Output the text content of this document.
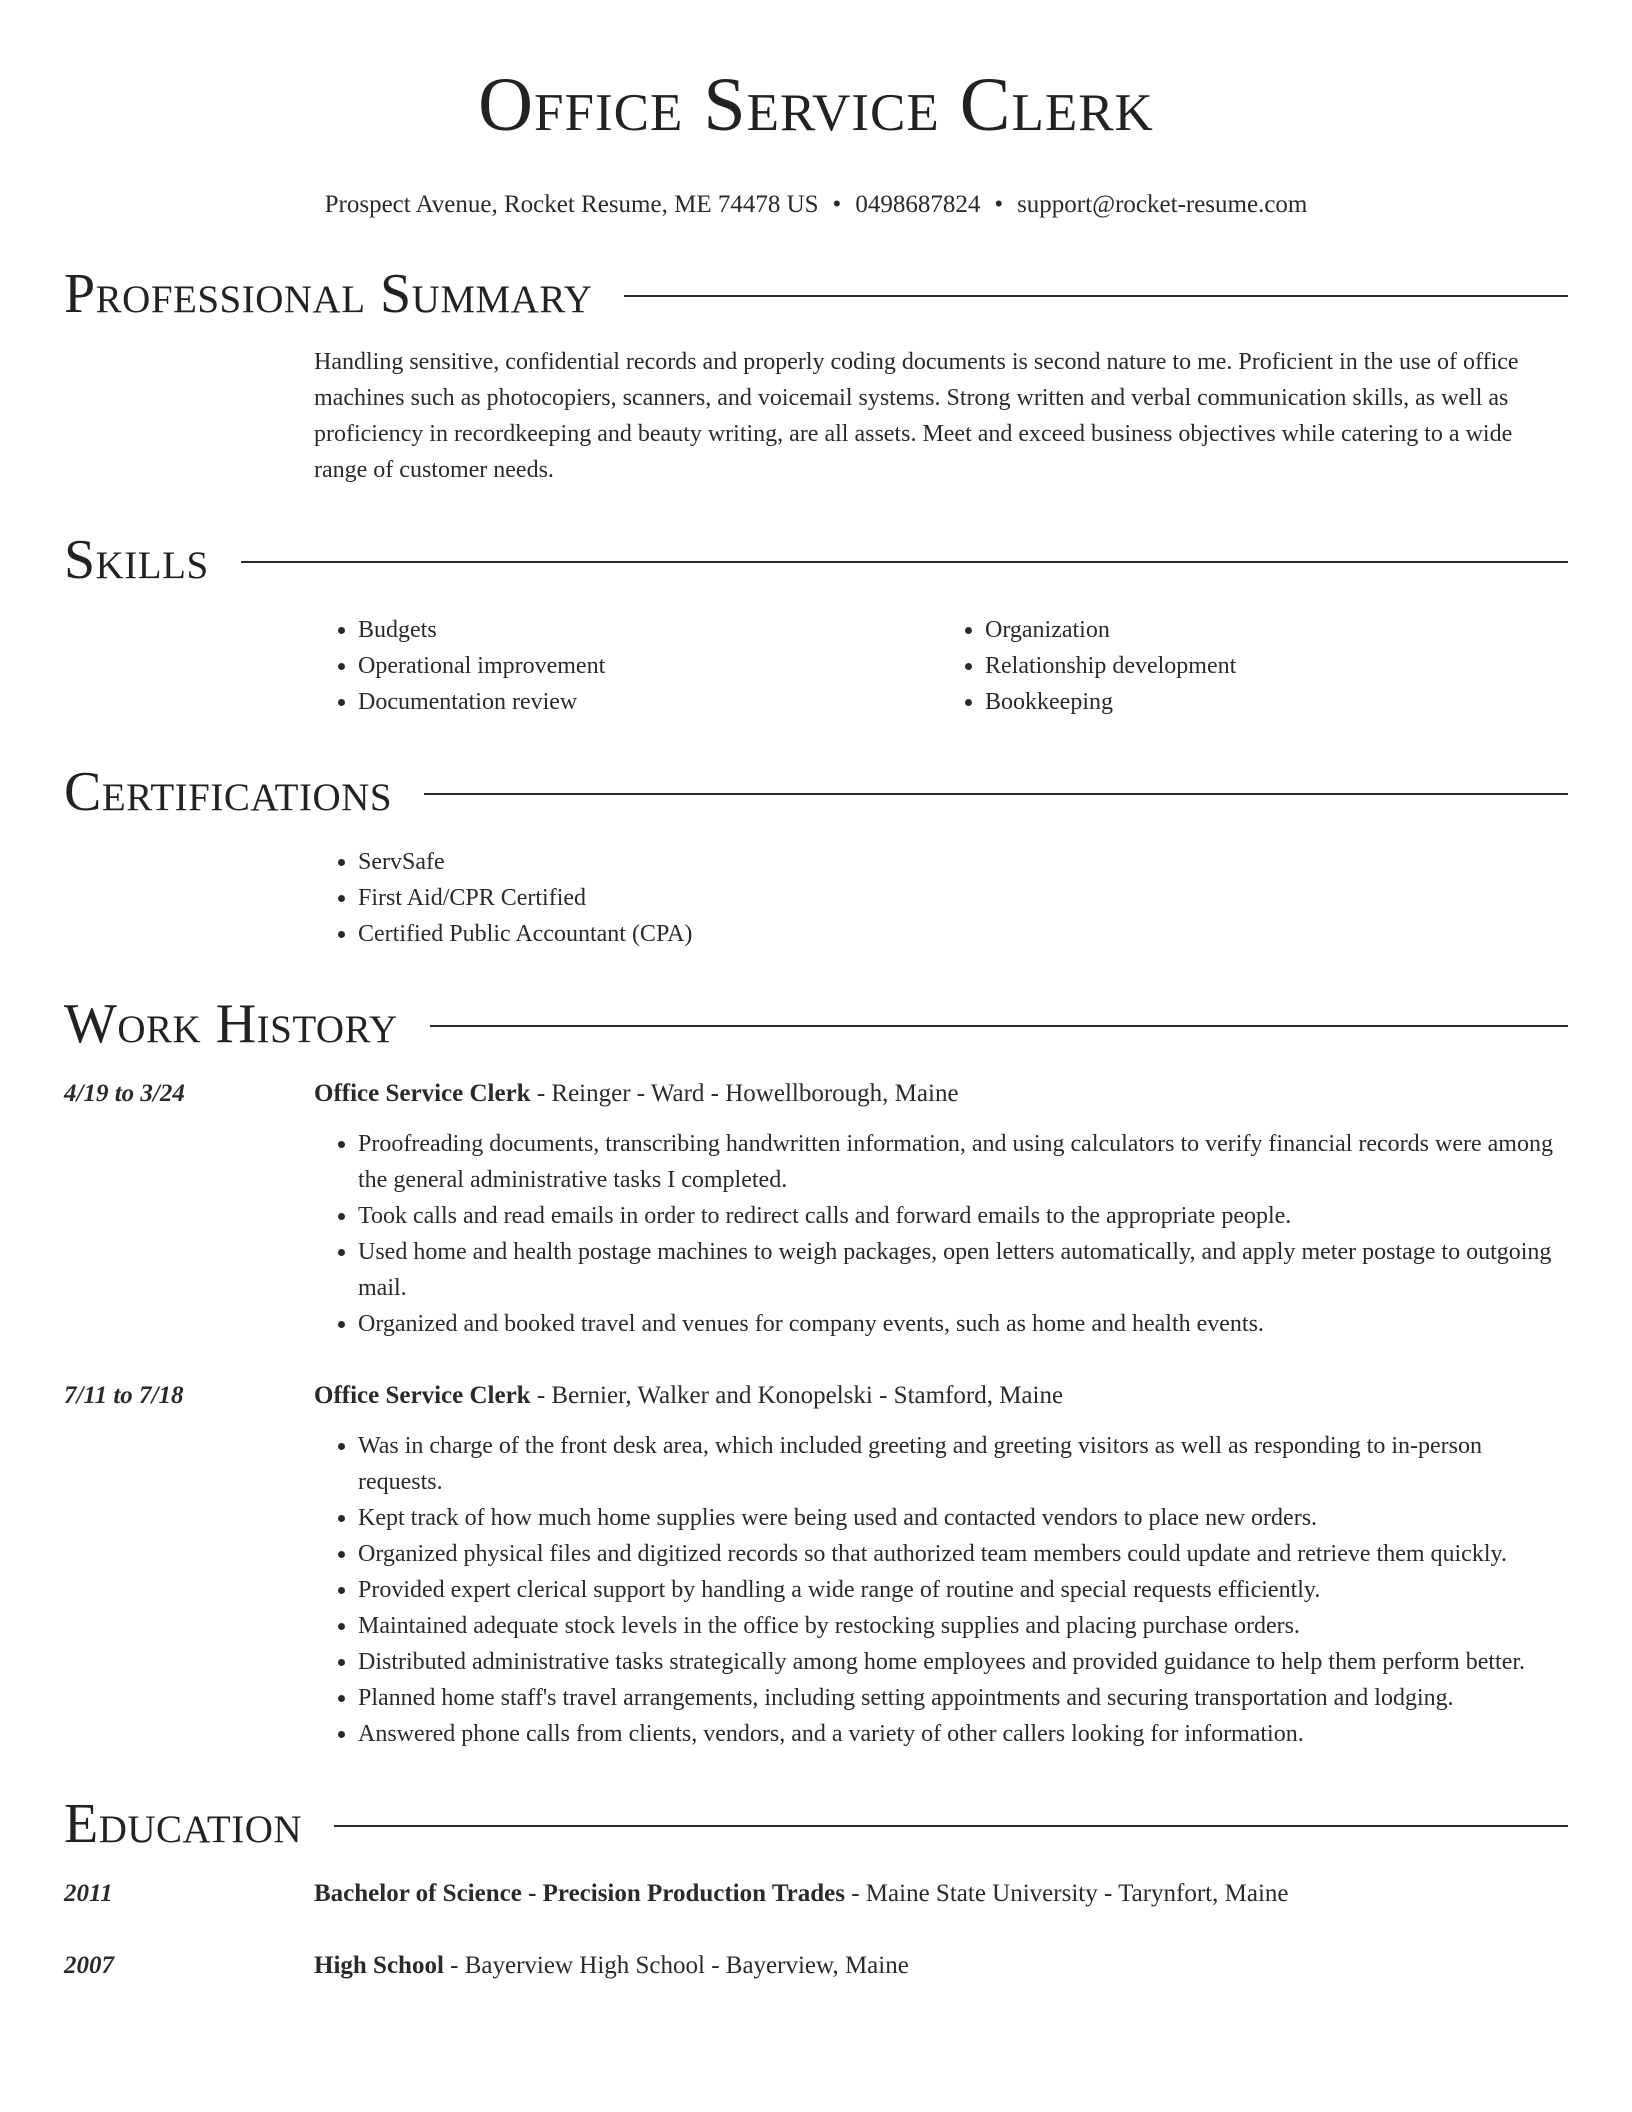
Office Service Clerk
Prospect Avenue, Rocket Resume, ME 74478 US • 0498687824 • support@rocket-resume.com
Professional Summary
Handling sensitive, confidential records and properly coding documents is second nature to me. Proficient in the use of office machines such as photocopiers, scanners, and voicemail systems. Strong written and verbal communication skills, as well as proficiency in recordkeeping and beauty writing, are all assets. Meet and exceed business objectives while catering to a wide range of customer needs.
Skills
• Budgets
• Operational improvement
• Documentation review
• Organization
• Relationship development
• Bookkeeping
Certifications
• ServSafe
• First Aid/CPR Certified
• Certified Public Accountant (CPA)
Work History
4/19 to 3/24	Office Service Clerk - Reinger - Ward - Howellborough, Maine
• Proofreading documents, transcribing handwritten information, and using calculators to verify financial records were among the general administrative tasks I completed.
• Took calls and read emails in order to redirect calls and forward emails to the appropriate people.
• Used home and health postage machines to weigh packages, open letters automatically, and apply meter postage to outgoing mail.
• Organized and booked travel and venues for company events, such as home and health events.
7/11 to 7/18	Office Service Clerk - Bernier, Walker and Konopelski - Stamford, Maine
• Was in charge of the front desk area, which included greeting and greeting visitors as well as responding to in-person requests.
• Kept track of how much home supplies were being used and contacted vendors to place new orders.
• Organized physical files and digitized records so that authorized team members could update and retrieve them quickly.
• Provided expert clerical support by handling a wide range of routine and special requests efficiently.
• Maintained adequate stock levels in the office by restocking supplies and placing purchase orders.
• Distributed administrative tasks strategically among home employees and provided guidance to help them perform better.
• Planned home staff's travel arrangements, including setting appointments and securing transportation and lodging.
• Answered phone calls from clients, vendors, and a variety of other callers looking for information.
Education
2011	Bachelor of Science - Precision Production Trades - Maine State University - Tarynfort, Maine
2007	High School - Bayerview High School - Bayerview, Maine
